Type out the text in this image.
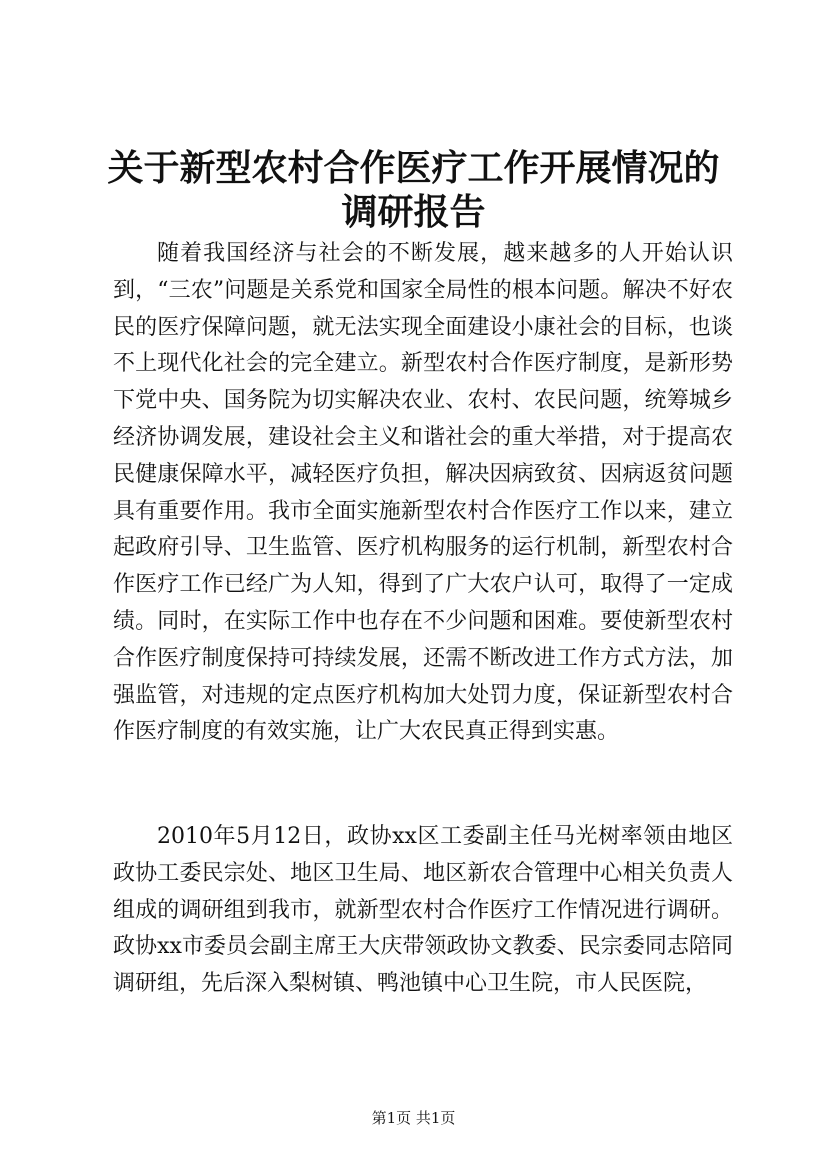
关于新型农村合作医疗工作开展情况的调研报告

随着我国经济与社会的不断发展，越来越多的人开始认识到，“三农”问题是关系党和国家全局性的根本问题。解决不好农民的医疗保障问题，就无法实现全面建设小康社会的目标，也谈不上现代化社会的完全建立。新型农村合作医疗制度，是新形势下党中央、国务院为切实解决农业、农村、农民问题，统筹城乡经济协调发展，建设社会主义和谐社会的重大举措，对于提高农民健康保障水平，减轻医疗负担，解决因病致贫、因病返贫问题具有重要作用。我市全面实施新型农村合作医疗工作以来，建立起政府引导、卫生监管、医疗机构服务的运行机制，新型农村合作医疗工作已经广为人知，得到了广大农户认可，取得了一定成绩。同时，在实际工作中也存在不少问题和困难。要使新型农村合作医疗制度保持可持续发展，还需不断改进工作方式方法，加强监管，对违规的定点医疗机构加大处罚力度，保证新型农村合作医疗制度的有效实施，让广大农民真正得到实惠。

2010年5月12日，政协xx区工委副主任马光树率领由地区政协工委民宗处、地区卫生局、地区新农合管理中心相关负责人组成的调研组到我市，就新型农村合作医疗工作情况进行调研。政协xx市委员会副主席王大庆带领政协文教委、民宗委同志陪同调研组，先后深入梨树镇、鸭池镇中心卫生院，市人民医院，

第1页 共1页
